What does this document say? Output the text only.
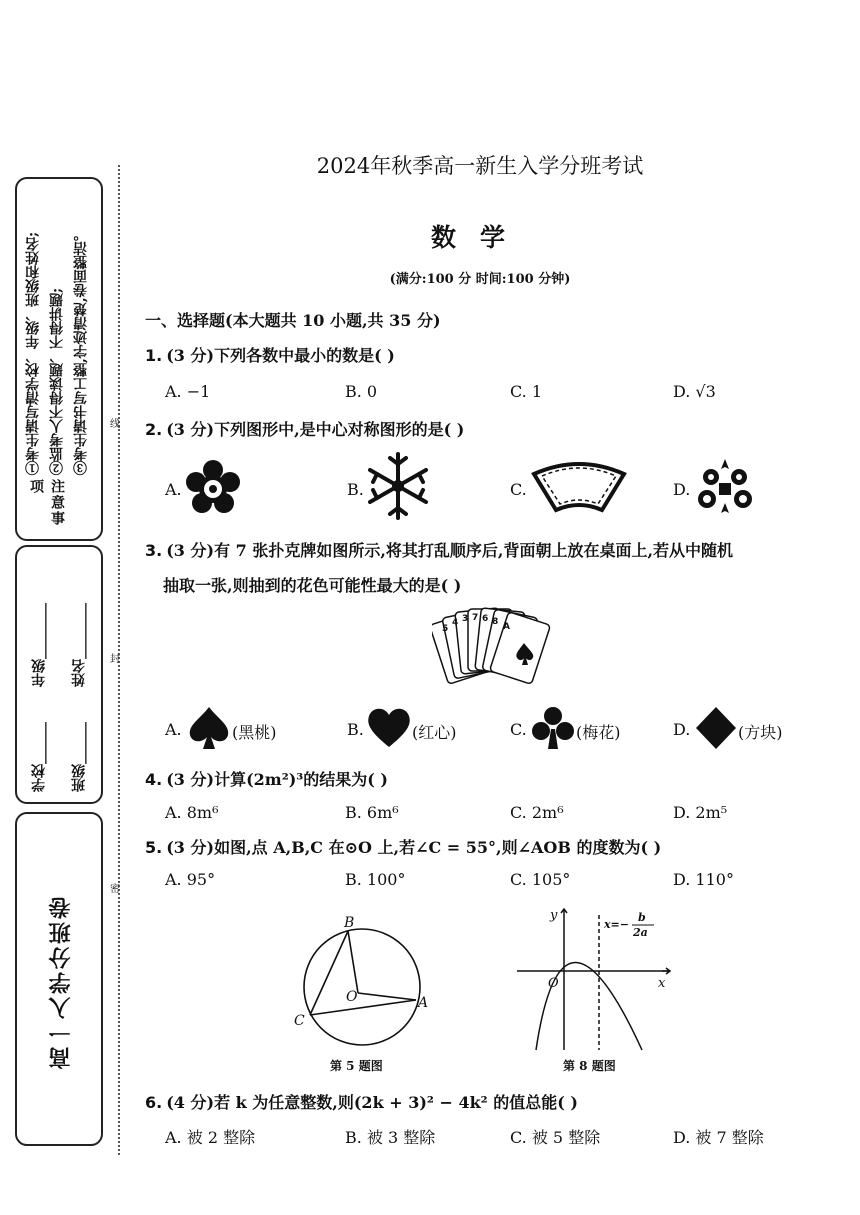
注意事项
①考生请写清学校、年级、班级和姓名; ②监考人不得读题、不得讲题; ③考生请书写工整,字迹清楚,卷面整洁。
学校______
年级________
班级______
姓名________
高一入学分班卷
线
封
密
2024年秋季高一新生入学分班考试
数学
(满分:100 分 时间:100 分钟)
一、选择题(本大题共 10 小题,共 35 分)
1. (3 分)下列各数中最小的数是( )
A. −1	B. 0	C. 1	D. √3
2. (3 分)下列图形中,是中心对称图形的是( )
A.	B.	C.	D.
3. (3 分)有 7 张扑克牌如图所示,将其打乱顺序后,背面朝上放在桌面上,若从中随机
抽取一张,则抽到的花色可能性最大的是( )
5
4 3 7 6 8 A
A.	(黑桃)	B.	(红心)	C.	(梅花)	D.	(方块)
4. (3 分)计算(2m²)³的结果为( )
A. 8m⁶	B. 6m⁶	C. 2m⁶	D. 2m⁵
5. (3 分)如图,点 A,B,C 在⊙O 上,若∠C = 55°,则∠AOB 的度数为( )
A. 95°	B. 100°	C. 105°	D. 110°
B
O	A
C
第 5 题图
y
O	x
x=−
b
2a
第 8 题图
6. (4 分)若 k 为任意整数,则(2k + 3)² − 4k² 的值总能( )
A. 被 2 整除	B. 被 3 整除	C. 被 5 整除	D. 被 7 整除
